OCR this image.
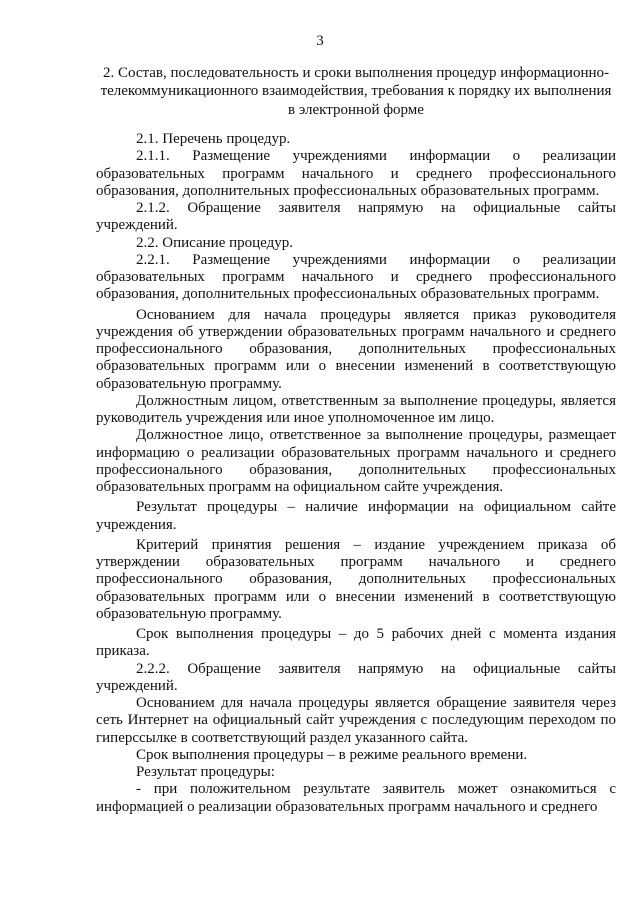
3
2. Состав, последовательность и сроки выполнения процедур информационно-телекоммуникационного взаимодействия, требования к порядку их выполнения в электронной форме

2.1. Перечень процедур.

2.1.1. Размещение учреждениями информации о реализации образовательных программ начального и среднего профессионального образования, дополнительных профессиональных образовательных программ.

2.1.2. Обращение заявителя напрямую на официальные сайты учреждений.

2.2. Описание процедур.

2.2.1. Размещение учреждениями информации о реализации образовательных программ начального и среднего профессионального образования, дополнительных профессиональных образовательных программ.

Основанием для начала процедуры является приказ руководителя учреждения об утверждении образовательных программ начального и среднего профессионального образования, дополнительных профессиональных образовательных программ или о внесении изменений в соответствующую образовательную программу.

Должностным лицом, ответственным за выполнение процедуры, является руководитель учреждения или иное уполномоченное им лицо.

Должностное лицо, ответственное за выполнение процедуры, размещает информацию о реализации образовательных программ начального и среднего профессионального образования, дополнительных профессиональных образовательных программ на официальном сайте учреждения.

Результат процедуры – наличие информации на официальном сайте учреждения.

Критерий принятия решения – издание учреждением приказа об утверждении образовательных программ начального и среднего профессионального образования, дополнительных профессиональных образовательных программ или о внесении изменений в соответствующую образовательную программу.

Срок выполнения процедуры – до 5 рабочих дней с момента издания приказа.

2.2.2. Обращение заявителя напрямую на официальные сайты учреждений.

Основанием для начала процедуры является обращение заявителя через сеть Интернет на официальный сайт учреждения с последующим переходом по гиперссылке в соответствующий раздел указанного сайта.

Срок выполнения процедуры – в режиме реального времени.

Результат процедуры:

- при положительном результате заявитель может ознакомиться с информацией о реализации образовательных программ начального и среднего
